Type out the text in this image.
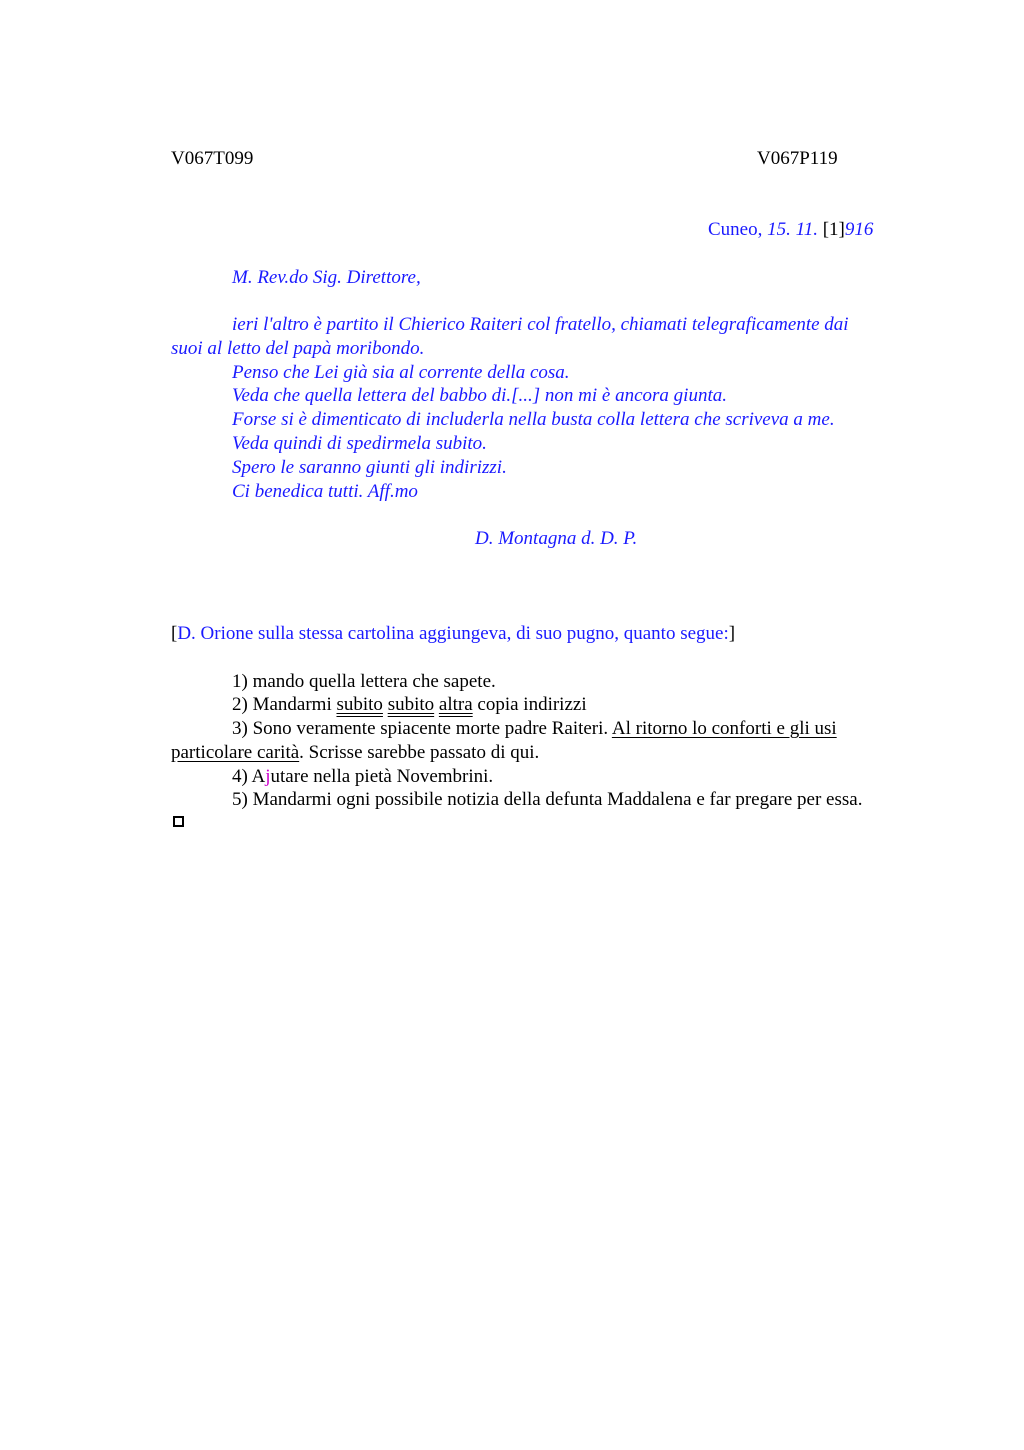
V067T099	V067P119
Cuneo, 15. 11. [1]916
M. Rev.do Sig. Direttore,
ieri l'altro è partito il Chierico Raiteri col fratello, chiamati telegraficamente dai
suoi al letto del papà moribondo.
Penso che Lei già sia al corrente della cosa.
Veda che quella lettera del babbo di.[...] non mi è ancora giunta.
Forse si è dimenticato di includerla nella busta colla lettera che scriveva a me.
Veda quindi di spedirmela subito.
Spero le saranno giunti gli indirizzi.
Ci benedica tutti. Aff.mo
D. Montagna d. D. P.
[D. Orione sulla stessa cartolina aggiungeva, di suo pugno, quanto segue:]
1) mando quella lettera che sapete.
2) Mandarmi subito subito altra copia indirizzi
3) Sono veramente spiacente morte padre Raiteri. Al ritorno lo conforti e gli usi
particolare carità. Scrisse sarebbe passato di qui.
4) Ajutare nella pietà Novembrini.
5) Mandarmi ogni possibile notizia della defunta Maddalena e far pregare per essa.
